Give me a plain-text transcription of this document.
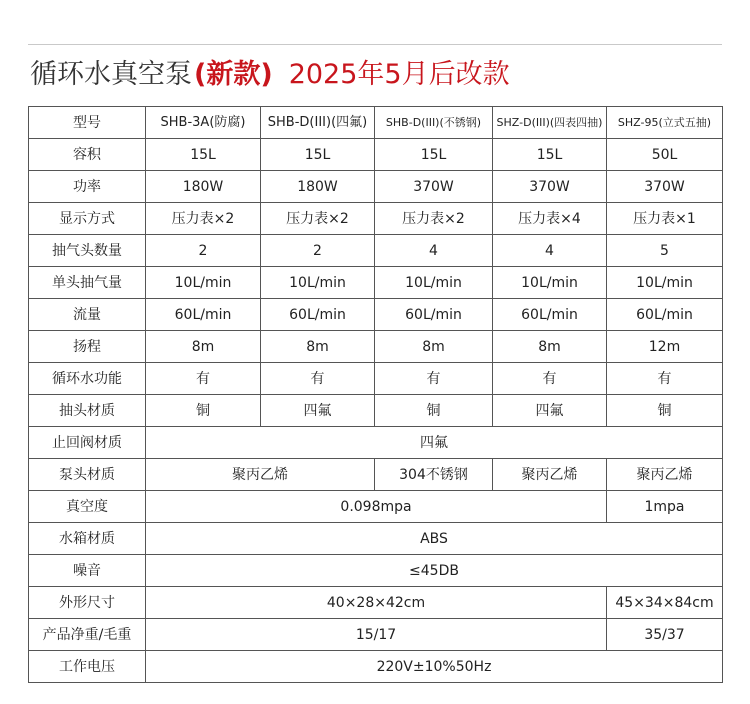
循环水真空泵 (新款) 2025年5月后改款
型号	SHB-3A(防腐)	SHB-D(III)(四氟)	SHB-D(III)(不锈钢)	SHZ-D(III)(四表四抽)	SHZ-95(立式五抽)
容积	15L	15L	15L	15L	50L
功率	180W	180W	370W	370W	370W
显示方式	压力表×2	压力表×2	压力表×2	压力表×4	压力表×1
抽气头数量	2	2	4	4	5
单头抽气量	10L/min	10L/min	10L/min	10L/min	10L/min
流量	60L/min	60L/min	60L/min	60L/min	60L/min
扬程	8m	8m	8m	8m	12m
循环水功能	有	有	有	有	有
抽头材质	铜	四氟	铜	四氟	铜
止回阀材质	四氟				
泵头材质	聚丙乙烯		304不锈钢	聚丙乙烯	聚丙乙烯
真空度	0.098mpa				1mpa
水箱材质	ABS				
噪音	≤45DB				
外形尺寸	40×28×42cm				45×34×84cm
产品净重/毛重	15/17				35/37
工作电压	220V±10%50Hz				
